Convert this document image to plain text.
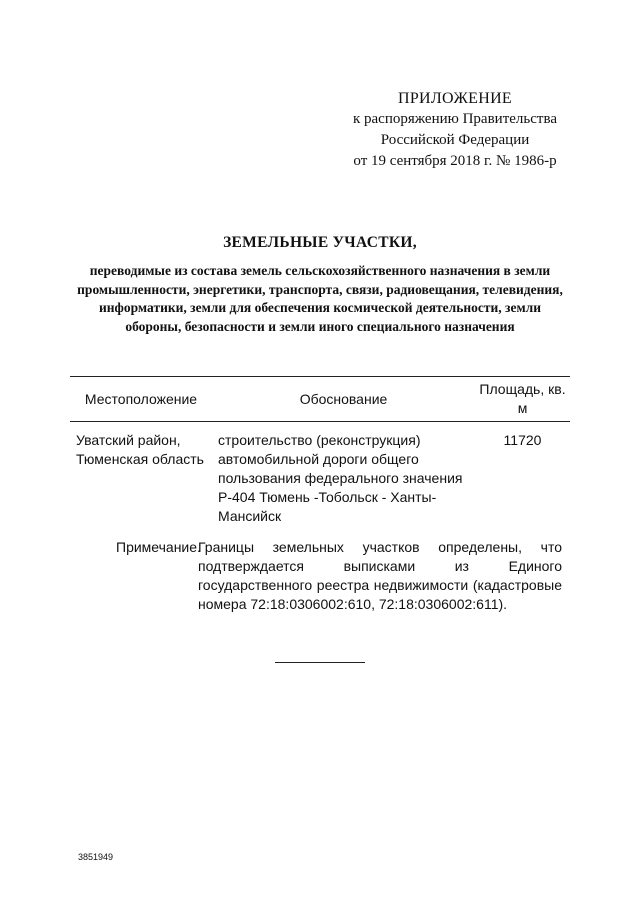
ПРИЛОЖЕНИЕ
к распоряжению Правительства
Российской Федерации
от 19 сентября 2018 г. № 1986-р
ЗЕМЕЛЬНЫЕ УЧАСТКИ,
переводимые из состава земель сельскохозяйственного назначения в земли промышленности, энергетики, транспорта, связи, радиовещания, телевидения, информатики, земли для обеспечения космической деятельности, земли обороны, безопасности и земли иного специального назначения
Местоположение	Обоснование
Площадь, кв. м
Уватский район, Тюменская область
строительство (реконструкция) автомобильной дороги общего пользования федерального значения Р-404 Тюмень -Тобольск - Ханты-Мансийск
11720
Примечание.
Границы земельных участков определены, что подтверждается выписками из Единого государственного реестра недвижимости (кадастровые номера 72:18:0306002:610, 72:18:0306002:611).
3851949
